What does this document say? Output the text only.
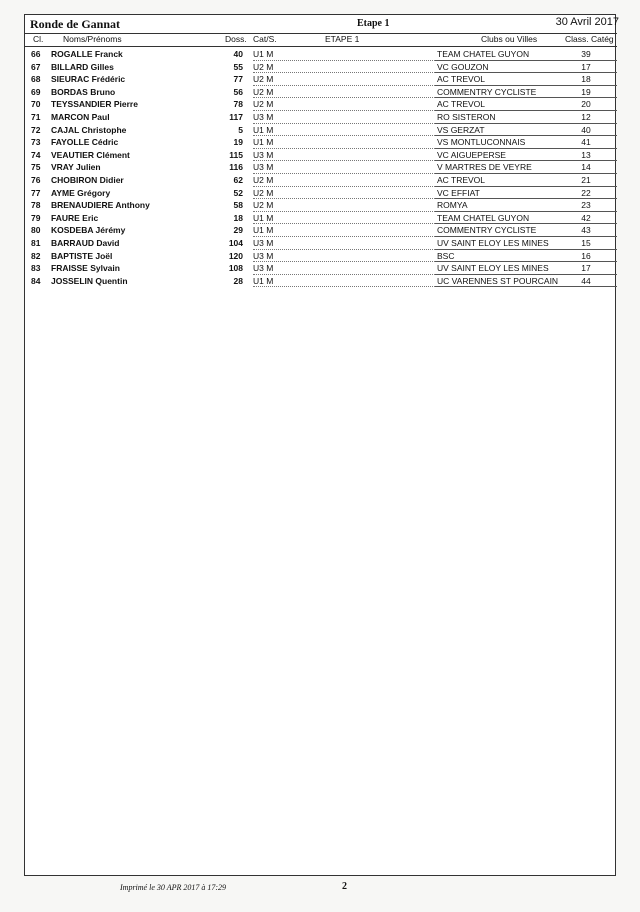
Ronde de Gannat	Etape 1	30 Avril 2017
Cl. Noms/Prénoms	Doss. Cat/S.	ETAPE 1	Clubs ou Villes	Class. Catég
66 ROGALLE Franck	40 U1 M	TEAM CHATEL GUYON	39
67 BILLARD Gilles	55 U2 M	VC GOUZON	17
68 SIEURAC Frédéric	77 U2 M	AC TREVOL	18
69 BORDAS Bruno	56 U2 M	COMMENTRY CYCLISTE	19
70 TEYSSANDIER Pierre	78 U2 M	AC TREVOL	20
71 MARCON Paul	117 U3 M	RO SISTERON	12
72 CAJAL Christophe	5 U1 M	VS GERZAT	40
73 FAYOLLE Cédric	19 U1 M	VS MONTLUCONNAIS	41
74 VEAUTIER Clément	115 U3 M	VC AIGUEPERSE	13
75 VRAY Julien	116 U3 M	V MARTRES DE VEYRE	14
76 CHOBIRON Didier	62 U2 M	AC TREVOL	21
77 AYME Grégory	52 U2 M	VC EFFIAT	22
78 BRENAUDIERE Anthony	58 U2 M	ROMYA	23
79 FAURE Eric	18 U1 M	TEAM CHATEL GUYON	42
80 KOSDEBA Jérémy	29 U1 M	COMMENTRY CYCLISTE	43
81 BARRAUD David	104 U3 M	UV SAINT ELOY LES MINES	15
82 BAPTISTE Joël	120 U3 M	BSC	16
83 FRAISSE Sylvain	108 U3 M	UV SAINT ELOY LES MINES	17
84 JOSSELIN Quentin	28 U1 M	UC VARENNES ST POURCAIN	44
Imprimé le 30 APR 2017 à 17:29	2
